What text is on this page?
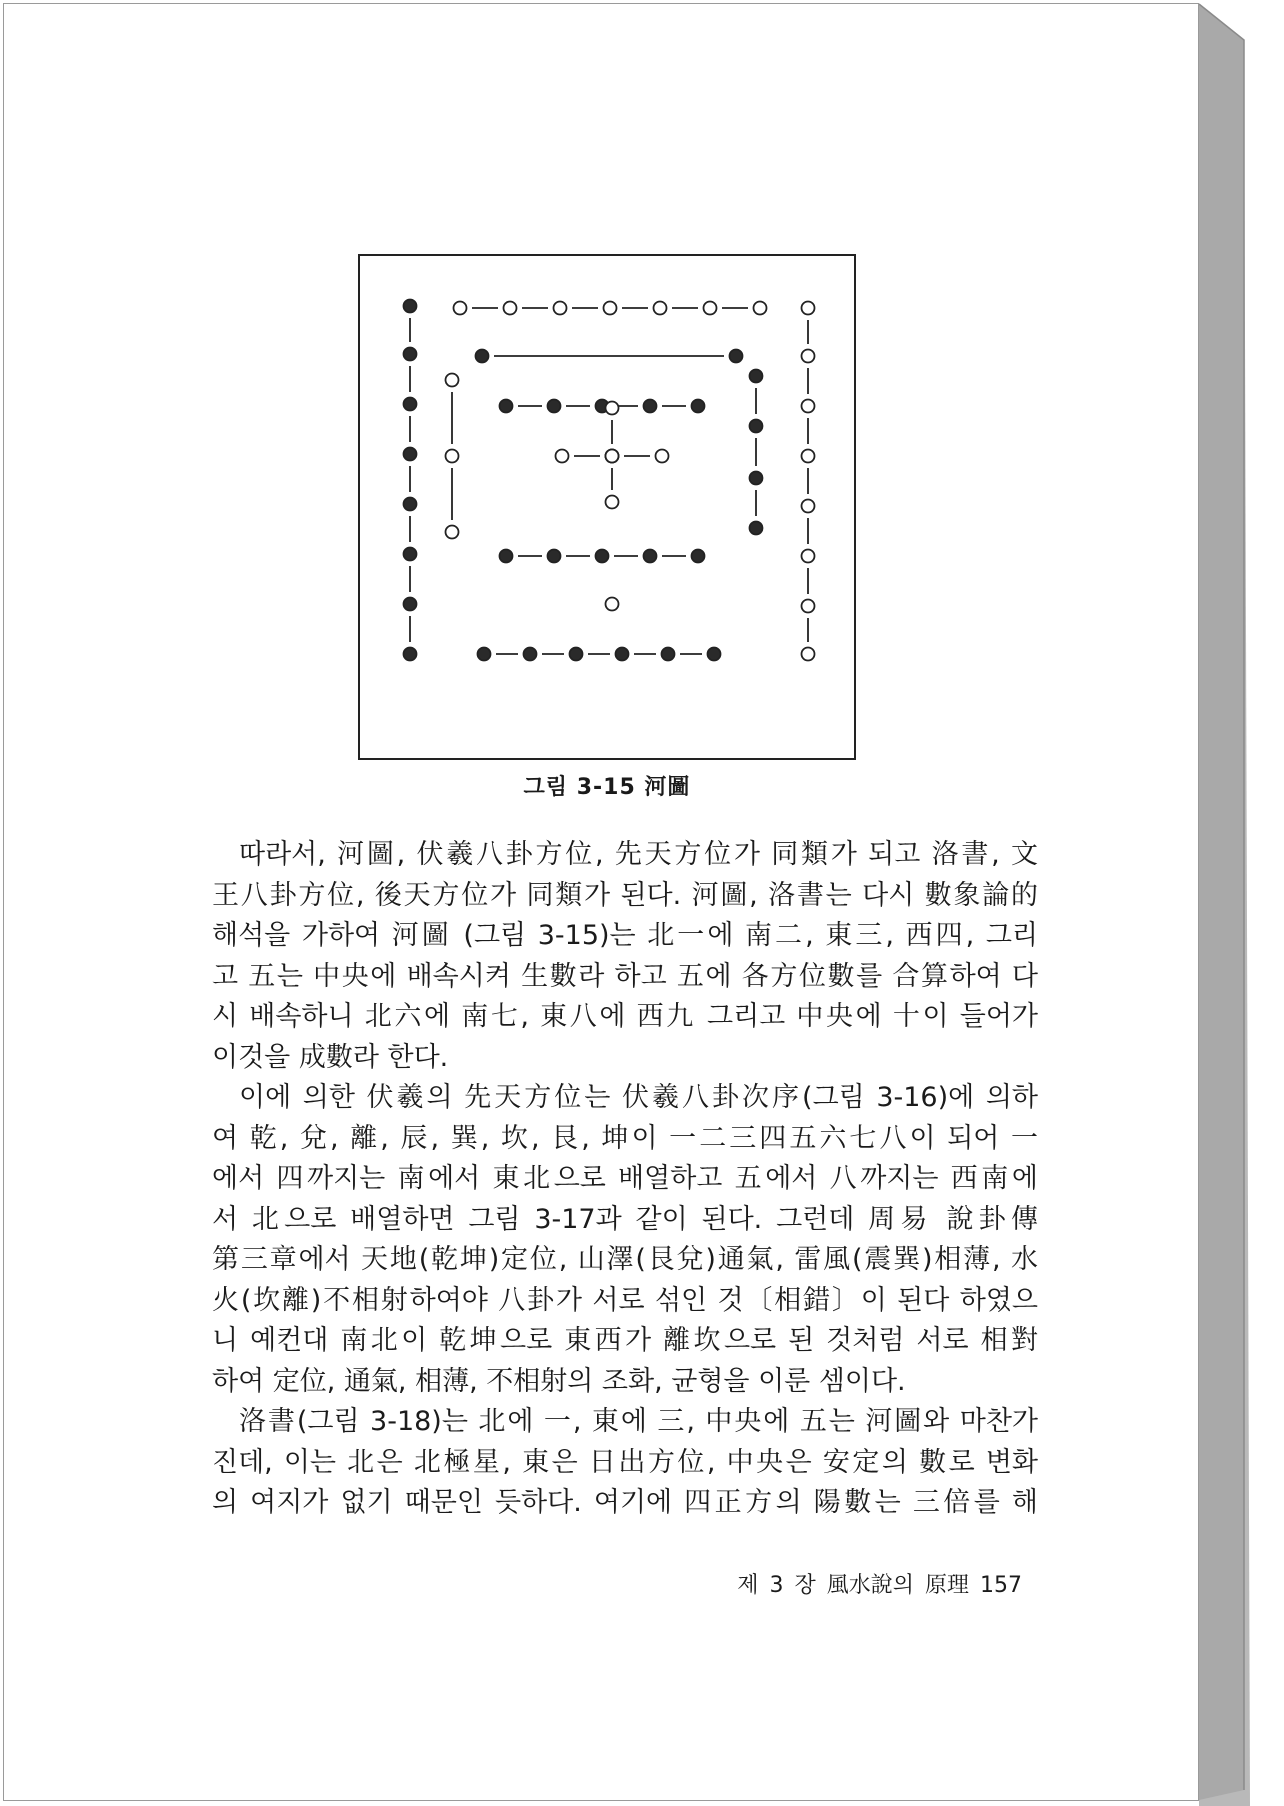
그림 3-15 河圖
따라서, 河圖, 伏羲八卦方位, 先天方位가 同類가 되고 洛書, 文
王八卦方位, 後天方位가 同類가 된다. 河圖, 洛書는 다시 數象論的
해석을 가하여 河圖 (그림 3-15)는 北一에 南二, 東三, 西四, 그리
고 五는 中央에 배속시켜 生數라 하고 五에 各方位數를 合算하여 다
시 배속하니 北六에 南七, 東八에 西九 그리고 中央에 十이 들어가
이것을 成數라 한다.
이에 의한 伏羲의 先天方位는 伏羲八卦次序(그림 3-16)에 의하
여 乾, 兌, 離, 辰, 巽, 坎, 艮, 坤이 一二三四五六七八이 되어 一
에서 四까지는 南에서 東北으로 배열하고 五에서 八까지는 西南에
서 北으로 배열하면 그림 3-17과 같이 된다. 그런데 周易 說卦傳
第三章에서 天地(乾坤)定位, 山澤(艮兌)通氣, 雷風(震巽)相薄, 水
火(坎離)不相射하여야 八卦가 서로 섞인 것〔相錯〕이 된다 하였으
니 예컨대 南北이 乾坤으로 東西가 離坎으로 된 것처럼 서로 相對
하여 定位, 通氣, 相薄, 不相射의 조화, 균형을 이룬 셈이다.
洛書(그림 3-18)는 北에 一, 東에 三, 中央에 五는 河圖와 마찬가
진데, 이는 北은 北極星, 東은 日出方位, 中央은 安定의 數로 변화
의 여지가 없기 때문인 듯하다. 여기에 四正方의 陽數는 三倍를 해
제 3 장 風水說의 原理 157
